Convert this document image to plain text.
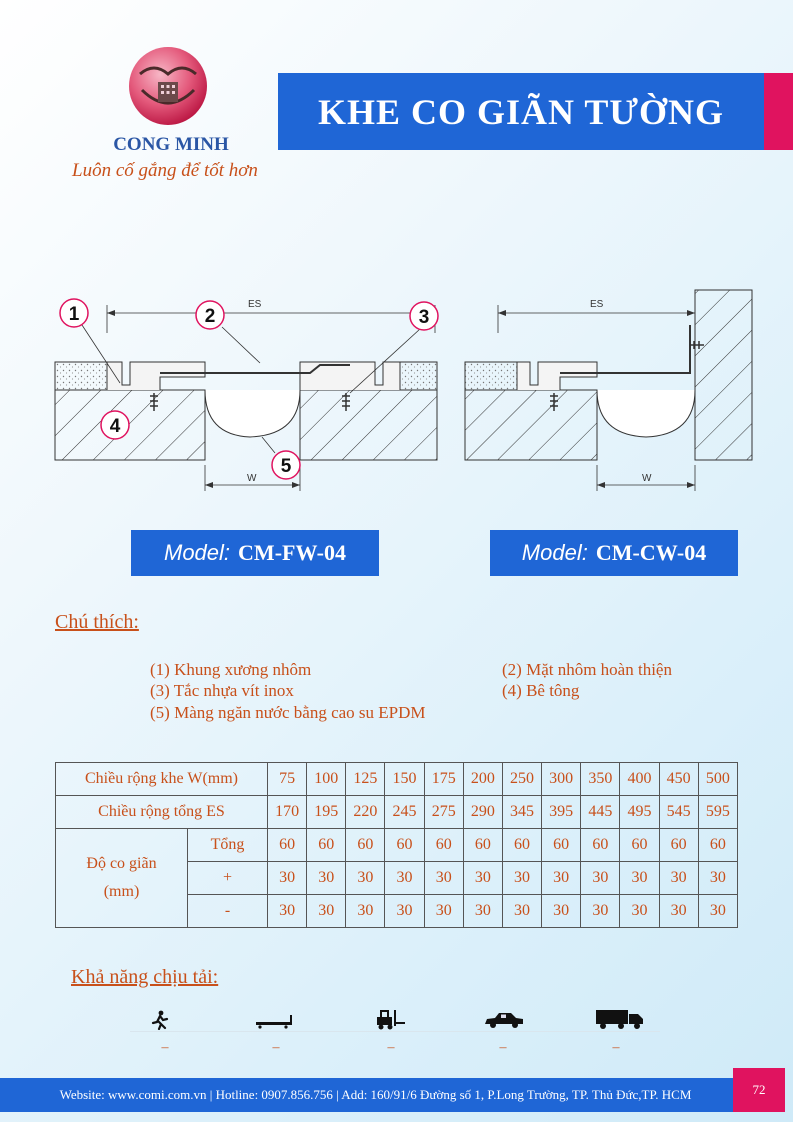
CONG MINH
Luôn cố gắng để tốt hơn
KHE CO GIÃN TƯỜNG
ES
W
1	2	3
4
5
ES
W
Model: CM-FW-04	Model: CM-CW-04
Chú thích:
(1) Khung xương nhôm	(2) Mặt nhôm hoàn thiện
(3) Tắc nhựa vít inox	(4) Bê tông
(5) Màng ngăn nước bằng cao su EPDM
Chiều rộng khe W(mm)		75	100	125	150	175	200	250	300	350	400	450	500
Chiều rộng tổng ES		170	195	220	245	275	290	345	395	445	495	545	595

Độ co giãn
(mm)	Tổng	60	60	60	60	60	60	60	60	60	60	60	60
	+	30	30	30	30	30	30	30	30	30	30	30	30
	-	30	30	30	30	30	30	30	30	30	30	30	30
Khả năng chịu tải:
–	–	–	–	–
Website: www.comi.com.vn | Hotline: 0907.856.756 | Add: 160/91/6 Đường số 1, P.Long Trường, TP. Thủ Đức,TP. HCM	72
